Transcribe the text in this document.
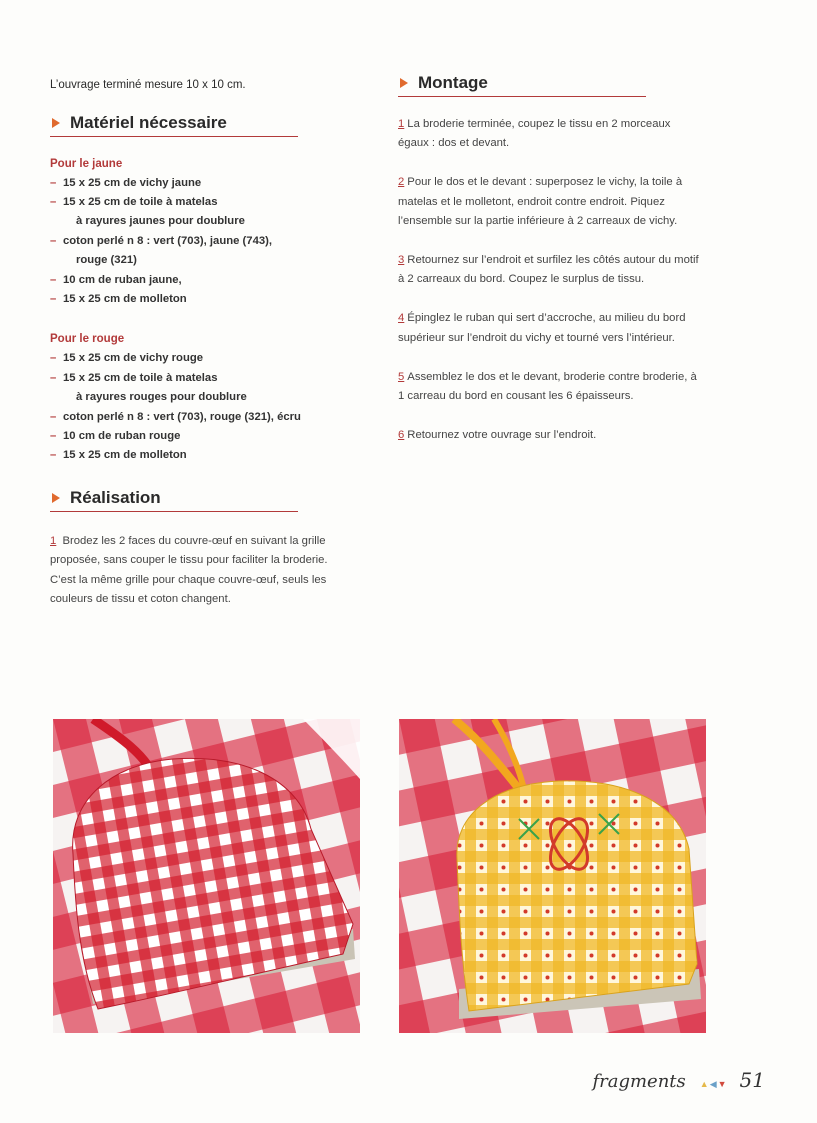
L’ouvrage terminé mesure 10 x 10 cm.

Matériel nécessaire
Pour le jaune
– 15 x 25 cm de vichy jaune
– 15 x 25 cm de toile à matelas
à rayures jaunes pour doublure
– coton perlé n 8 : vert (703), jaune (743),
rouge (321)
– 10 cm de ruban jaune,
– 15 x 25 cm de molleton
Pour le rouge
– 15 x 25 cm de vichy rouge
– 15 x 25 cm de toile à matelas
à rayures rouges pour doublure
– coton perlé n 8 : vert (703), rouge (321), écru
– 10 cm de ruban rouge
– 15 x 25 cm de molleton
Réalisation

1 Brodez les 2 faces du couvre-œuf en suivant la grille proposée, sans couper le tissu pour faciliter la broderie. C’est la même grille pour chaque couvre-œuf, seuls les couleurs de tissu et coton changent.

Montage

1 La broderie terminée, coupez le tissu en 2 morceaux égaux : dos et devant.

2 Pour le dos et le devant : superposez le vichy, la toile à matelas et le molletont, endroit contre endroit. Piquez l’ensemble sur la partie inférieure à 2 carreaux de vichy.

3 Retournez sur l’endroit et surfilez les côtés autour du motif à 2 carreaux du bord. Coupez le surplus de tissu.

4 Épinglez le ruban qui sert d’accroche, au milieu du bord supérieur sur l’endroit du vichy et tourné vers l’intérieur.

5 Assemblez le dos et le devant, broderie contre broderie, à 1 carreau du bord en cousant les 6 épaisseurs.

6 Retournez votre ouvrage sur l’endroit.

fragments ▲◀▼ 51
